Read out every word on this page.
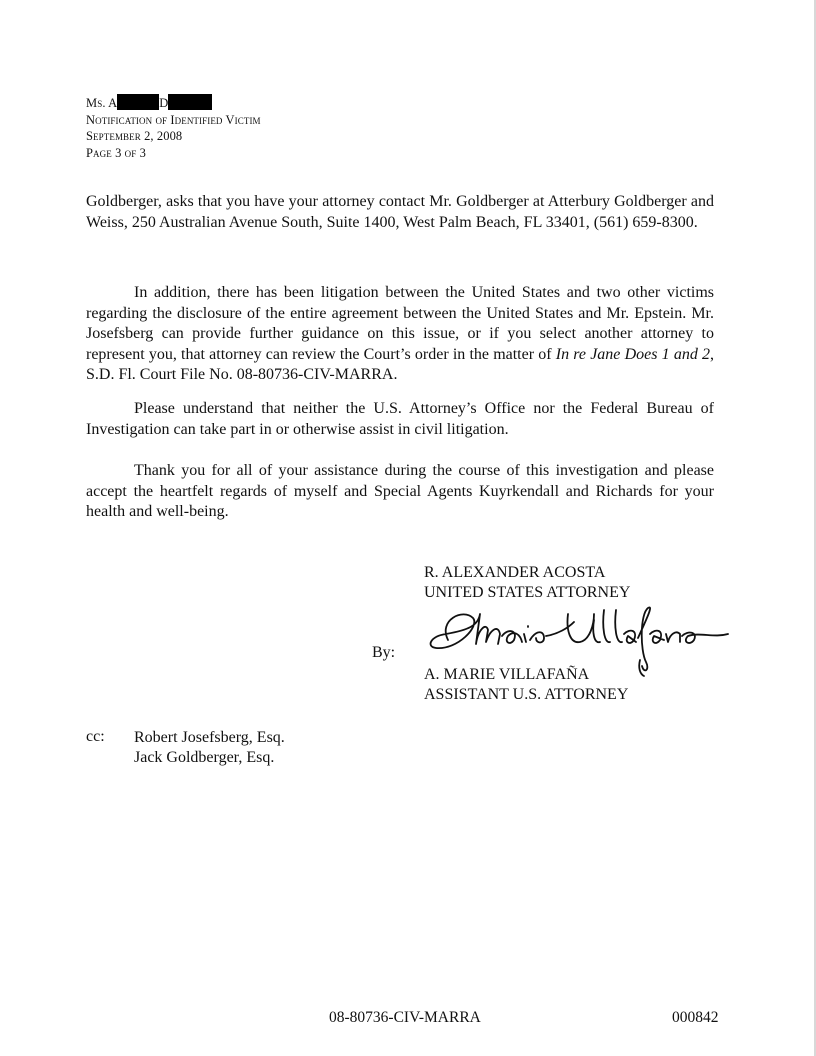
Ms. A	D
Notification of Identified Victim
September 2, 2008
Page 3 of 3
Goldberger, asks that you have your attorney contact Mr. Goldberger at Atterbury Goldberger and Weiss, 250 Australian Avenue South, Suite 1400, West Palm Beach, FL 33401, (561) 659-8300.
In addition, there has been litigation between the United States and two other victims regarding the disclosure of the entire agreement between the United States and Mr. Epstein. Mr. Josefsberg can provide further guidance on this issue, or if you select another attorney to represent you, that attorney can review the Court’s order in the matter of In re Jane Does 1 and 2, S.D. Fl. Court File No. 08-80736-CIV-MARRA.
Please understand that neither the U.S. Attorney’s Office nor the Federal Bureau of Investigation can take part in or otherwise assist in civil litigation.
Thank you for all of your assistance during the course of this investigation and please accept the heartfelt regards of myself and Special Agents Kuyrkendall and Richards for your health and well-being.
R. ALEXANDER ACOSTA
UNITED STATES ATTORNEY
By:
A. MARIE VILLAFAÑA
ASSISTANT U.S. ATTORNEY
cc: Robert Josefsberg, Esq.
Jack Goldberger, Esq.
08-80736-CIV-MARRA	000842
